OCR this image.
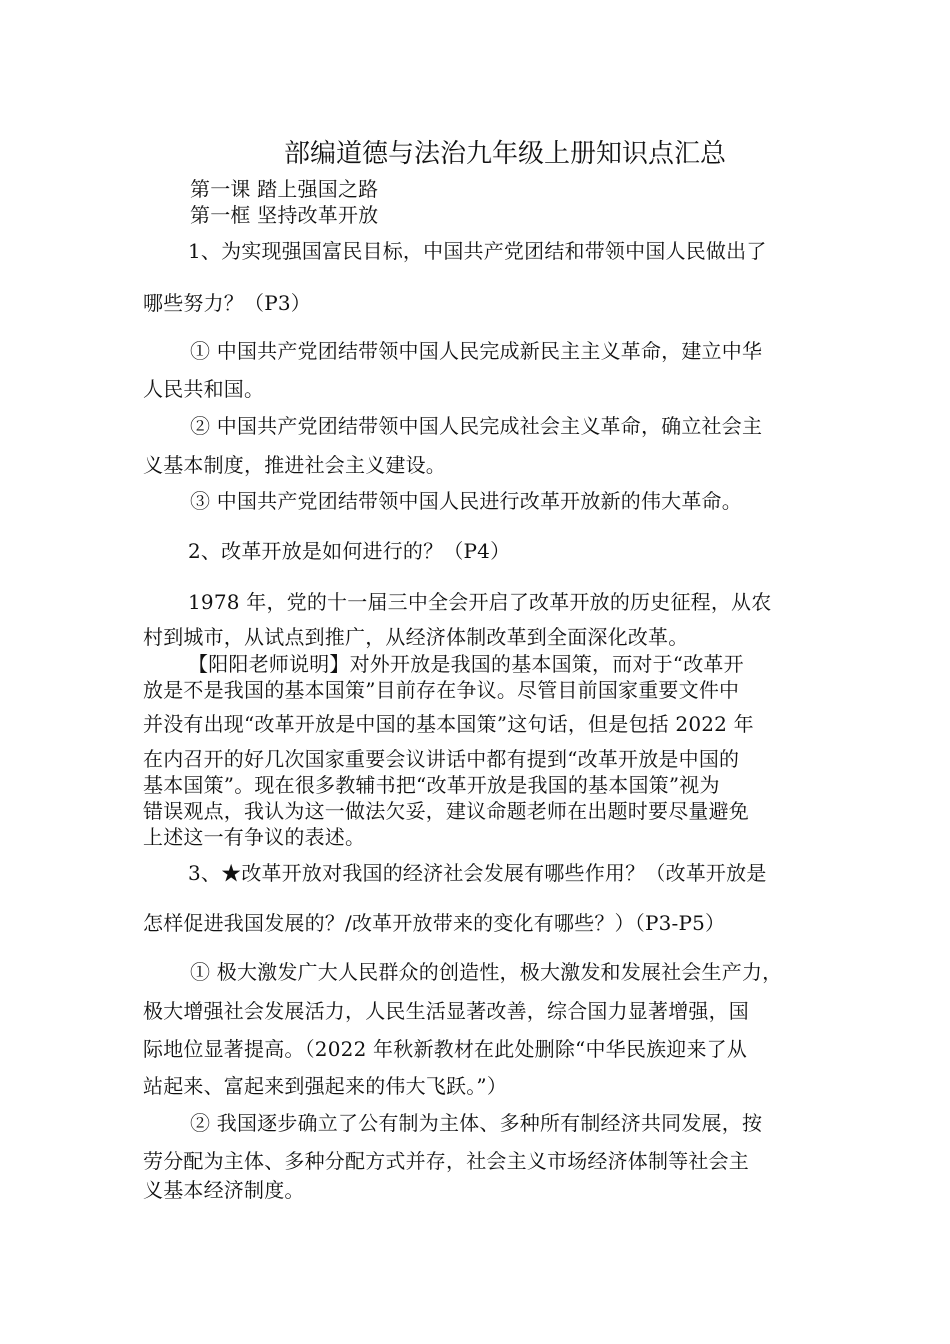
部编道德与法治九年级上册知识点汇总
第一课 踏上强国之路
第一框 坚持改革开放
1、为实现强国富民目标，中国共产党团结和带领中国人民做出了
哪些努力？（P3）
① 中国共产党团结带领中国人民完成新民主主义革命，建立中华
人民共和国。
② 中国共产党团结带领中国人民完成社会主义革命，确立社会主
义基本制度，推进社会主义建设。
③ 中国共产党团结带领中国人民进行改革开放新的伟大革命。
2、改革开放是如何进行的？（P4）
1978 年，党的十一届三中全会开启了改革开放的历史征程，从农
村到城市，从试点到推广，从经济体制改革到全面深化改革。
【阳阳老师说明】对外开放是我国的基本国策，而对于“改革开
放是不是我国的基本国策”目前存在争议。尽管目前国家重要文件中
并没有出现“改革开放是中国的基本国策”这句话，但是包括 2022 年
在内召开的好几次国家重要会议讲话中都有提到“改革开放是中国的
基本国策”。现在很多教辅书把“改革开放是我国的基本国策”视为
错误观点，我认为这一做法欠妥，建议命题老师在出题时要尽量避免
上述这一有争议的表述。
3、★改革开放对我国的经济社会发展有哪些作用？（改革开放是
怎样促进我国发展的？/改革开放带来的变化有哪些？）（P3-P5）
① 极大激发广大人民群众的创造性，极大激发和发展社会生产力，
极大增强社会发展活力，人民生活显著改善，综合国力显著增强，国
际地位显著提高。（2022 年秋新教材在此处删除“中华民族迎来了从
站起来、富起来到强起来的伟大飞跃。”）
② 我国逐步确立了公有制为主体、多种所有制经济共同发展，按
劳分配为主体、多种分配方式并存，社会主义市场经济体制等社会主
义基本经济制度。
